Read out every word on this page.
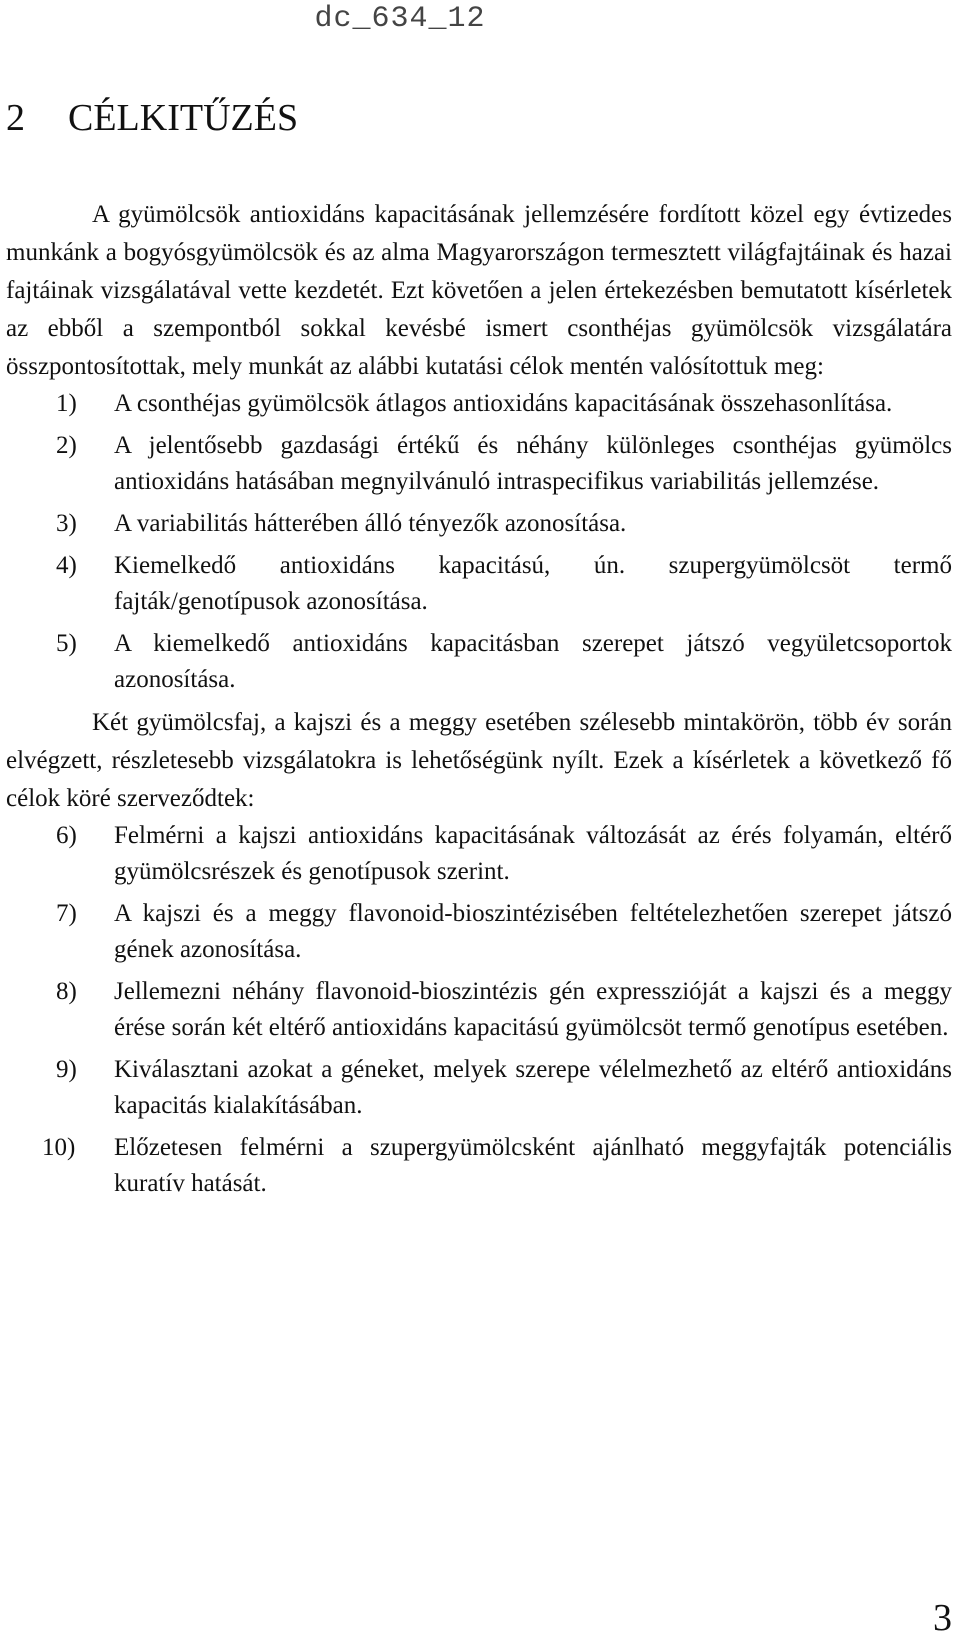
dc_634_12
2 CÉLKITŰZÉS

A gyümölcsök antioxidáns kapacitásának jellemzésére fordított közel egy évtizedes munkánk a bogyósgyümölcsök és az alma Magyarországon termesztett világfajtáinak és hazai fajtáinak vizsgálatával vette kezdetét. Ezt követően a jelen értekezésben bemutatott kísérletek az ebből a szempontból sokkal kevésbé ismert csonthéjas gyümölcsök vizsgálatára összpontosítottak, mely munkát az alábbi kutatási célok mentén valósítottuk meg:

1) A csonthéjas gyümölcsök átlagos antioxidáns kapacitásának összehasonlítása.
2) A jelentősebb gazdasági értékű és néhány különleges csonthéjas gyümölcs antioxidáns hatásában megnyilvánuló intraspecifikus variabilitás jellemzése.
3) A variabilitás hátterében álló tényezők azonosítása.
4) Kiemelkedő antioxidáns kapacitású, ún. szupergyümölcsöt termő fajták/genotípusok azonosítása.
5) A kiemelkedő antioxidáns kapacitásban szerepet játszó vegyületcsoportok azonosítása.

Két gyümölcsfaj, a kajszi és a meggy esetében szélesebb mintakörön, több év során elvégzett, részletesebb vizsgálatokra is lehetőségünk nyílt. Ezek a kísérletek a következő fő célok köré szerveződtek:

6) Felmérni a kajszi antioxidáns kapacitásának változását az érés folyamán, eltérő gyümölcsrészek és genotípusok szerint.
7) A kajszi és a meggy flavonoid-bioszintézisében feltételezhetően szerepet játszó gének azonosítása.
8) Jellemezni néhány flavonoid-bioszintézis gén expresszióját a kajszi és a meggy érése során két eltérő antioxidáns kapacitású gyümölcsöt termő genotípus esetében.
9) Kiválasztani azokat a géneket, melyek szerepe vélelmezhető az eltérő antioxidáns kapacitás kialakításában.
10) Előzetesen felmérni a szupergyümölcsként ajánlható meggyfajták potenciális kuratív hatását.
3
